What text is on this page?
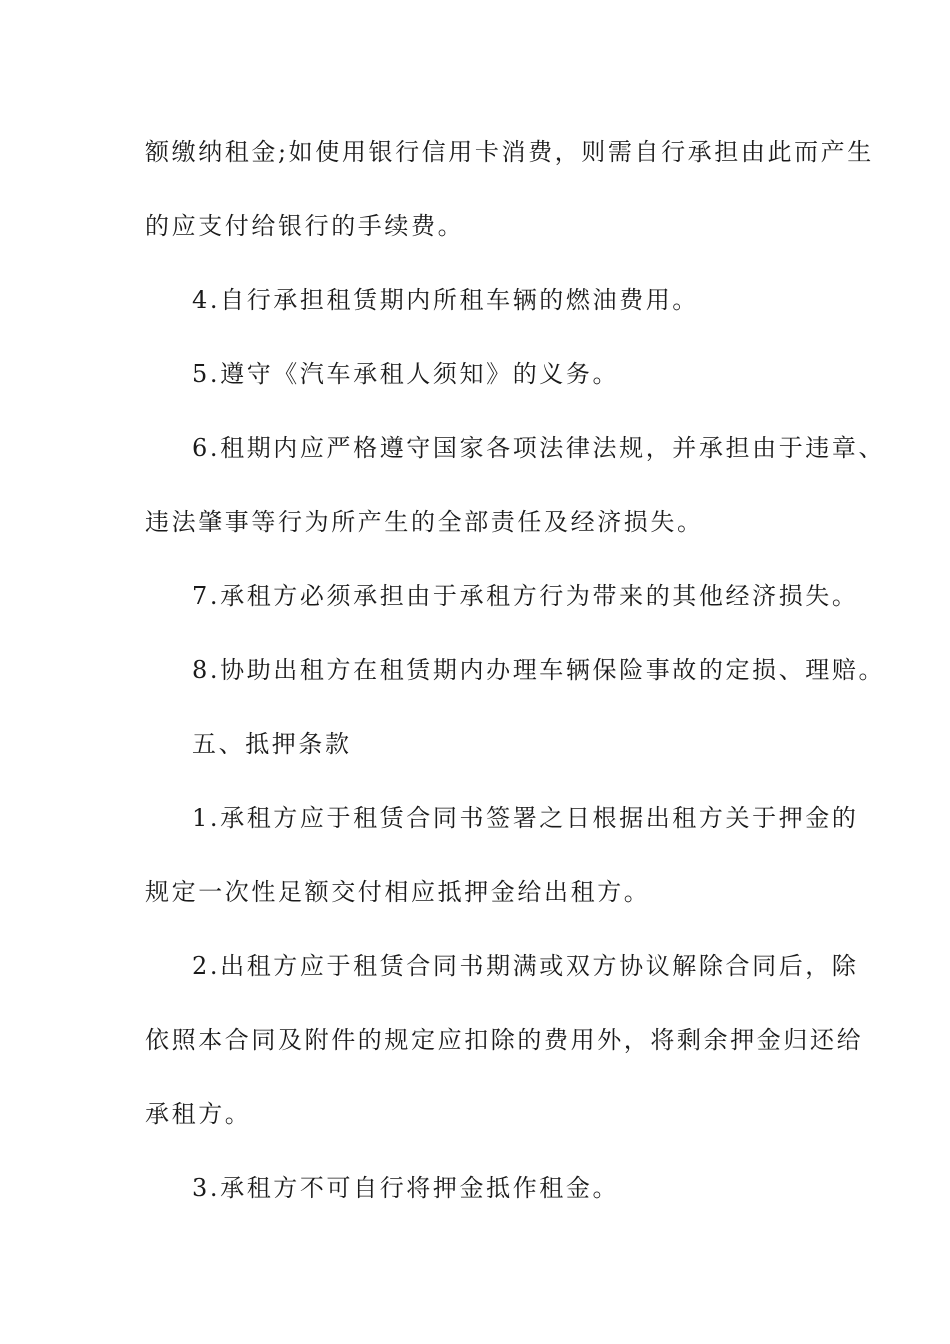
额缴纳租金;如使用银行信用卡消费，则需自行承担由此而产生
的应支付给银行的手续费。
4.自行承担租赁期内所租车辆的燃油费用。
5.遵守《汽车承租人须知》的义务。
6.租期内应严格遵守国家各项法律法规，并承担由于违章、
违法肇事等行为所产生的全部责任及经济损失。
7.承租方必须承担由于承租方行为带来的其他经济损失。
8.协助出租方在租赁期内办理车辆保险事故的定损、理赔。
五、抵押条款
1.承租方应于租赁合同书签署之日根据出租方关于押金的
规定一次性足额交付相应抵押金给出租方。
2.出租方应于租赁合同书期满或双方协议解除合同后，除
依照本合同及附件的规定应扣除的费用外，将剩余押金归还给
承租方。
3.承租方不可自行将押金抵作租金。
